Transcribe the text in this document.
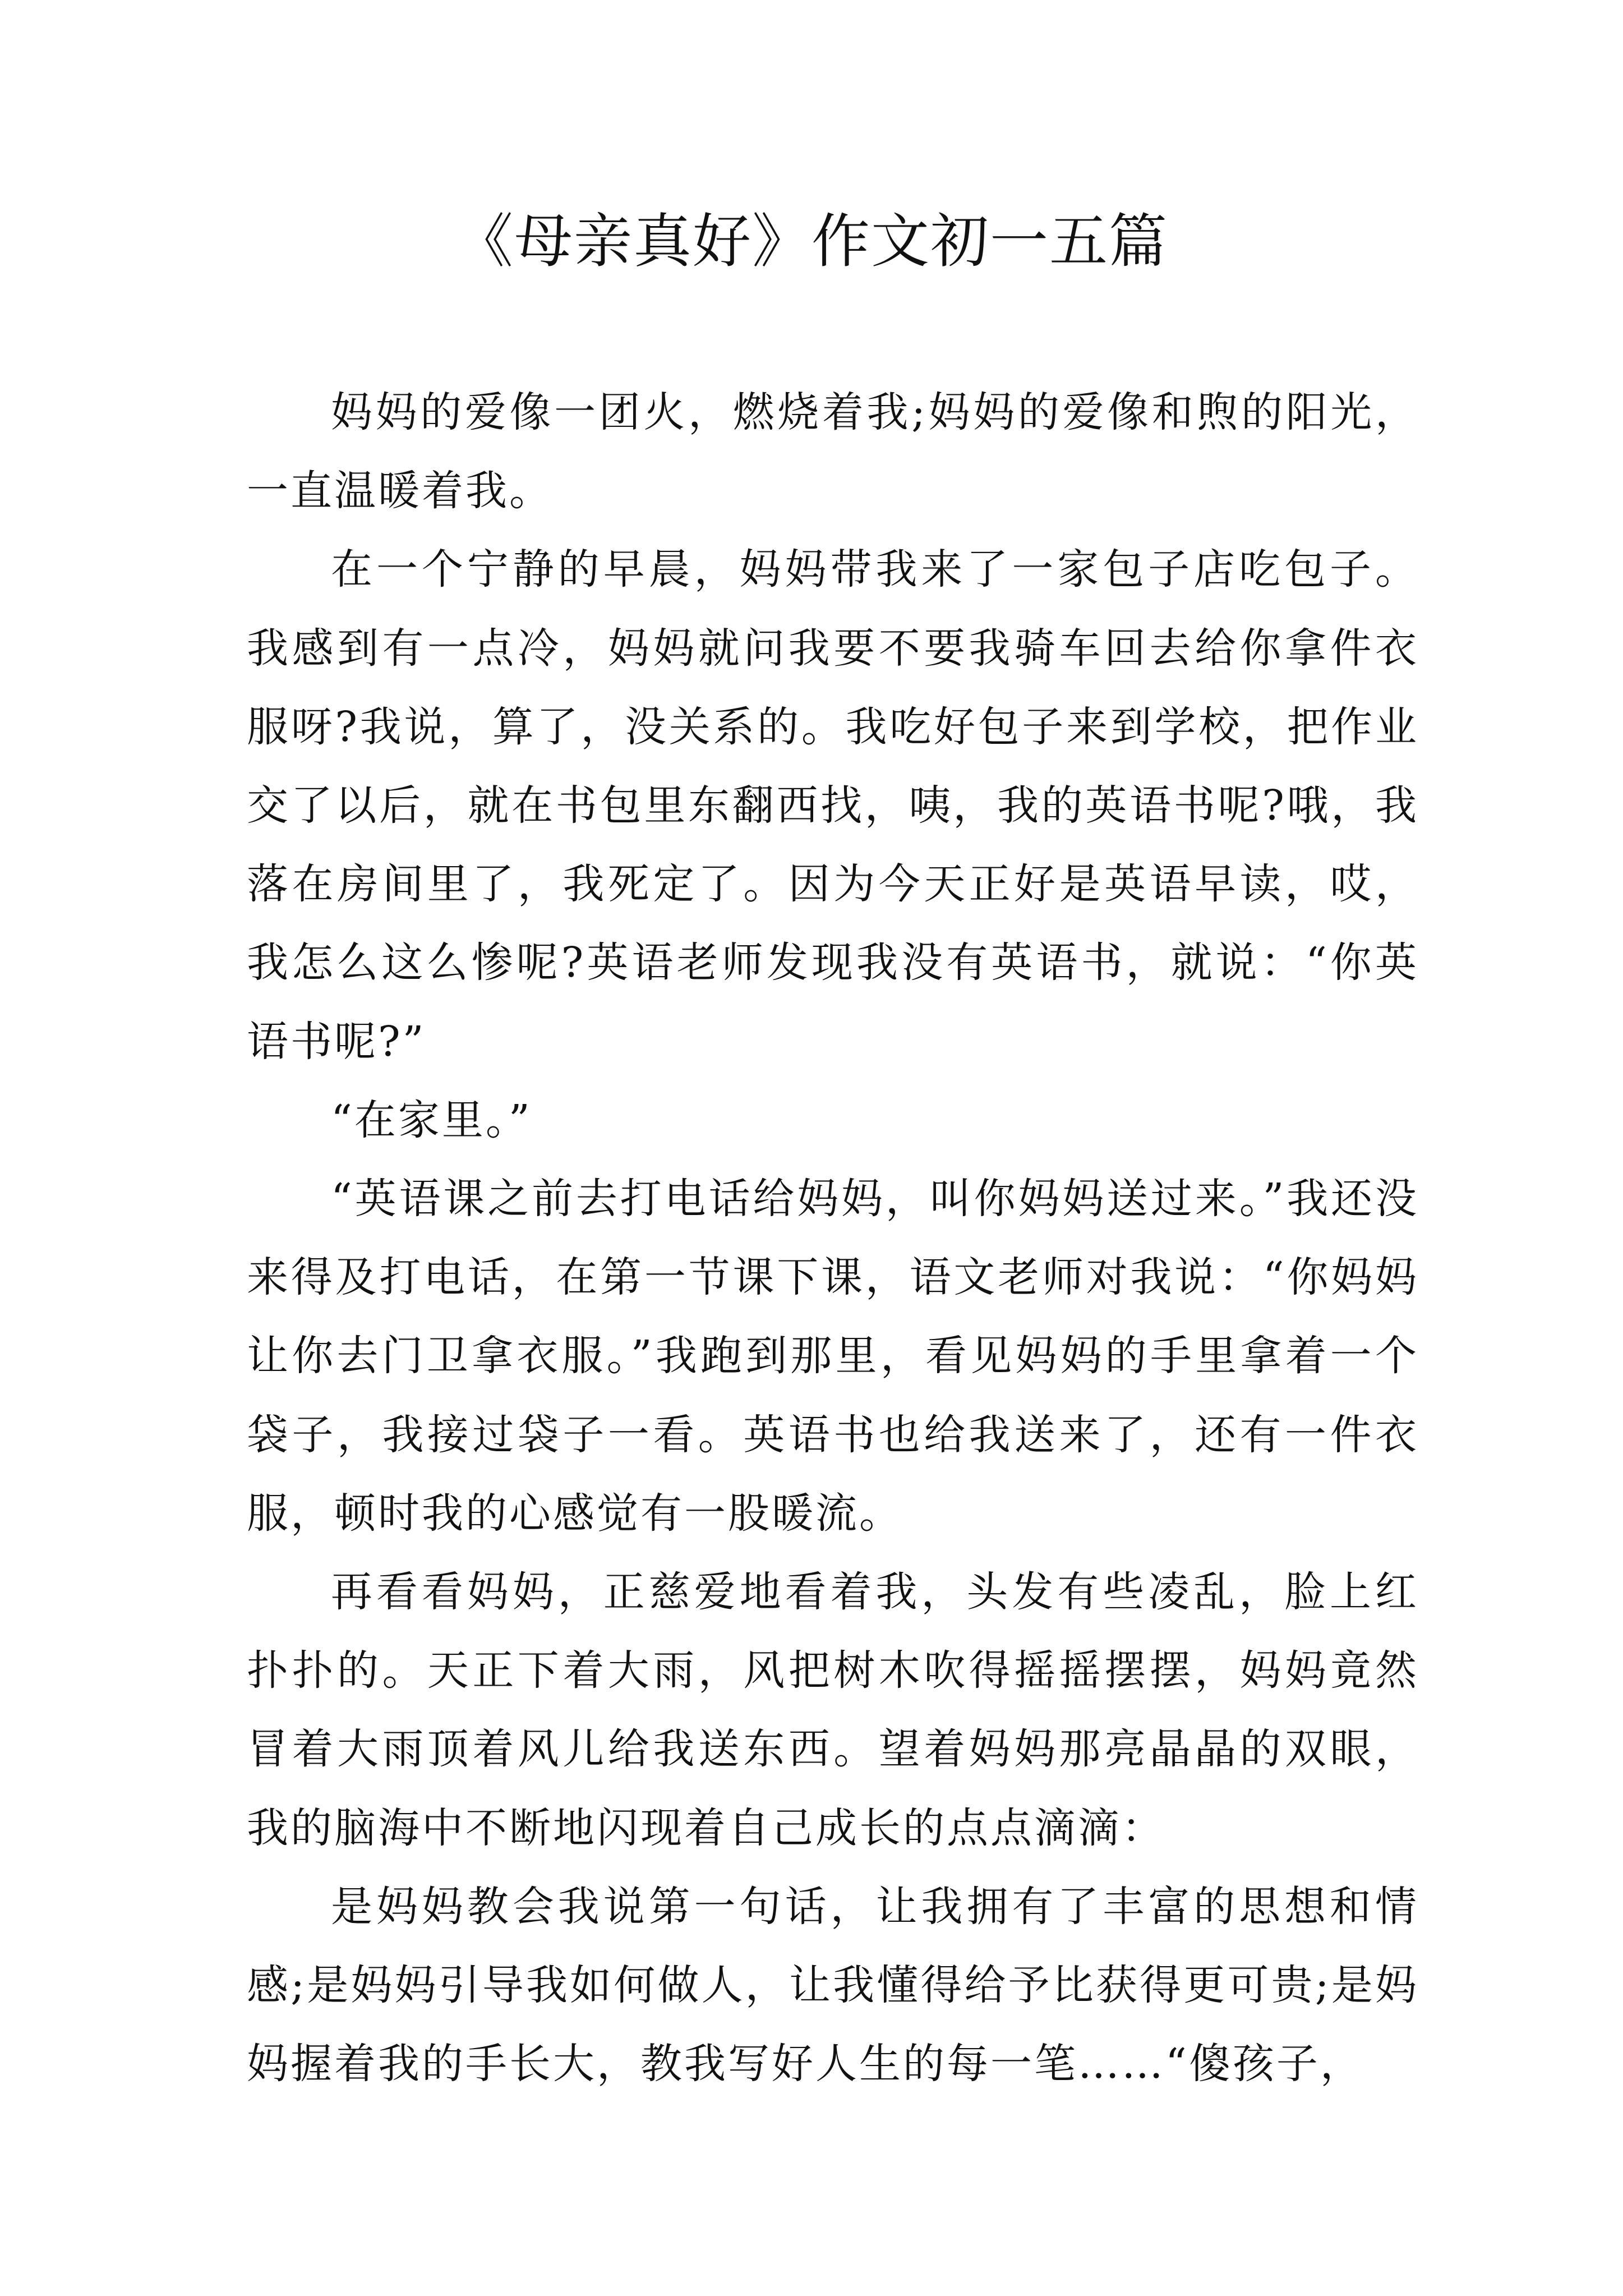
《母亲真好》作文初一五篇

妈妈的爱像一团火，燃烧着我;妈妈的爱像和煦的阳光，一直温暖着我。

在一个宁静的早晨，妈妈带我来了一家包子店吃包子。我感到有一点冷，妈妈就问我要不要我骑车回去给你拿件衣服呀?我说，算了，没关系的。我吃好包子来到学校，把作业交了以后，就在书包里东翻西找，咦，我的英语书呢?哦，我落在房间里了，我死定了。因为今天正好是英语早读，哎，我怎么这么惨呢?英语老师发现我没有英语书，就说：“你英语书呢?”

“在家里。”

“英语课之前去打电话给妈妈，叫你妈妈送过来。”我还没来得及打电话，在第一节课下课，语文老师对我说：“你妈妈让你去门卫拿衣服。”我跑到那里，看见妈妈的手里拿着一个袋子，我接过袋子一看。英语书也给我送来了，还有一件衣服，顿时我的心感觉有一股暖流。

再看看妈妈，正慈爱地看着我，头发有些凌乱，脸上红扑扑的。天正下着大雨，风把树木吹得摇摇摆摆，妈妈竟然冒着大雨顶着风儿给我送东西。望着妈妈那亮晶晶的双眼，我的脑海中不断地闪现着自己成长的点点滴滴：

是妈妈教会我说第一句话，让我拥有了丰富的思想和情感;是妈妈引导我如何做人，让我懂得给予比获得更可贵;是妈妈握着我的手长大，教我写好人生的每一笔……“傻孩子，
